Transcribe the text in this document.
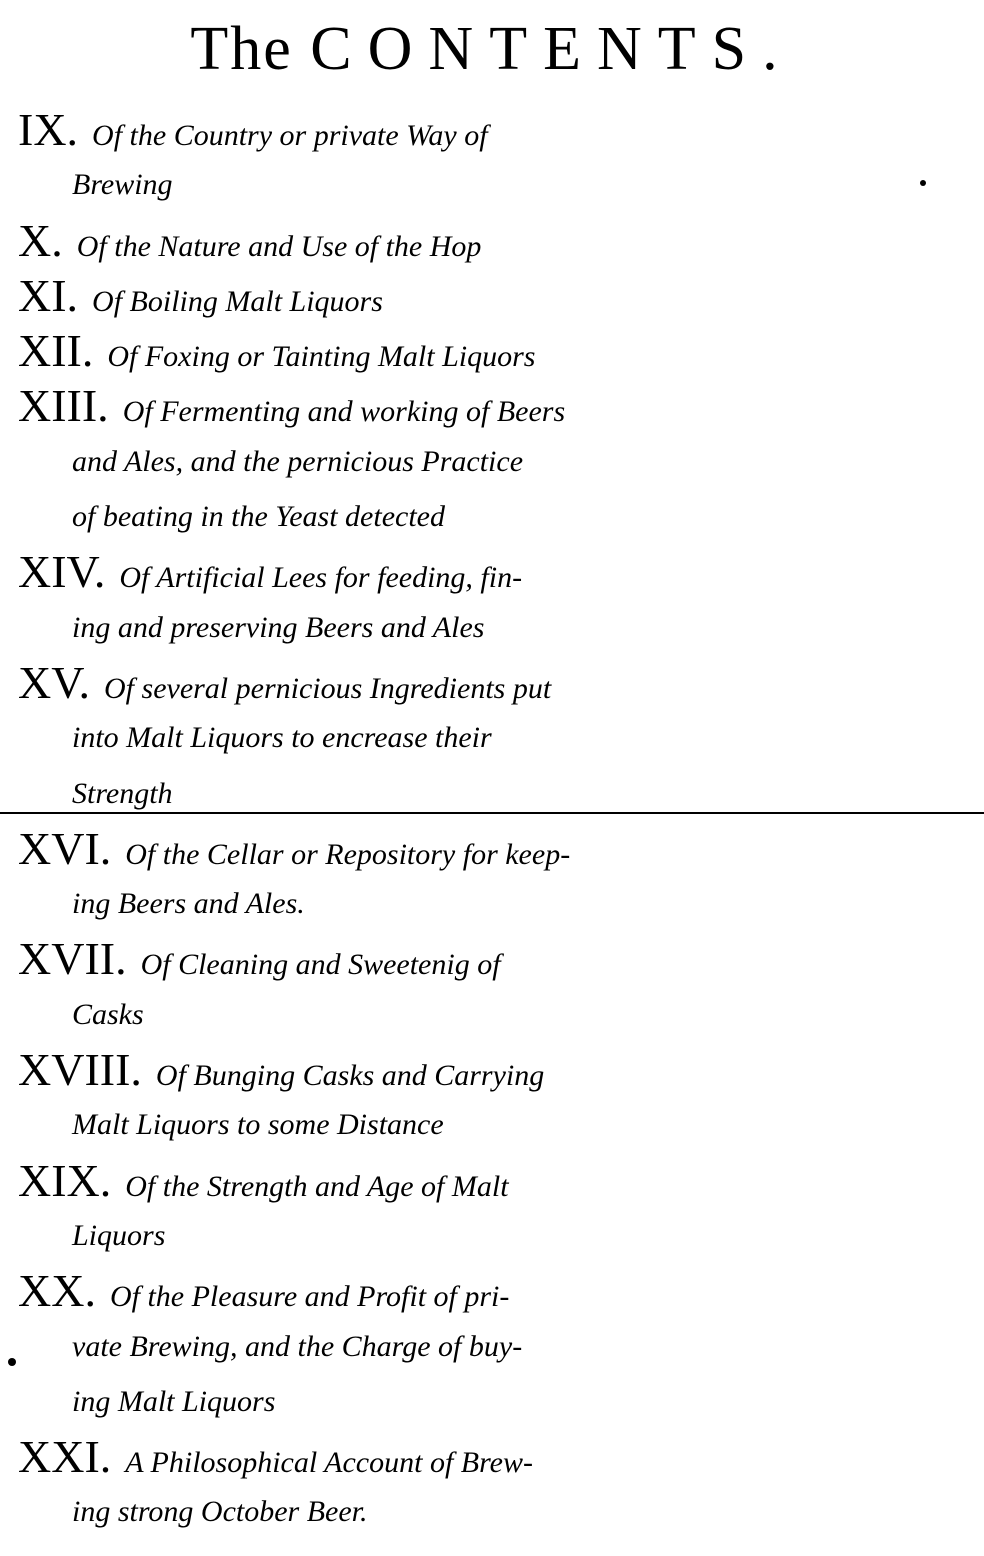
The CONTENTS.
IX. Of the Country or private Way of
Brewing
X. Of the Nature and Use of the Hop
XI. Of Boiling Malt Liquors
XII. Of Foxing or Tainting Malt Liquors
XIII. Of Fermenting and working of Beers
and Ales, and the pernicious Practice
of beating in the Yeast detected
XIV. Of Artificial Lees for feeding, fin-
ing and preserving Beers and Ales
XV. Of several pernicious Ingredients put
into Malt Liquors to encrease their
Strength
XVI. Of the Cellar or Repository for keep-
ing Beers and Ales.
XVII. Of Cleaning and Sweetenig of
Casks
XVIII. Of Bunging Casks and Carrying
Malt Liquors to some Distance
XIX. Of the Strength and Age of Malt
Liquors
XX. Of the Pleasure and Profit of pri-
vate Brewing, and the Charge of buy-
ing Malt Liquors
XXI. A Philosophical Account of Brew-
ing strong October Beer.
